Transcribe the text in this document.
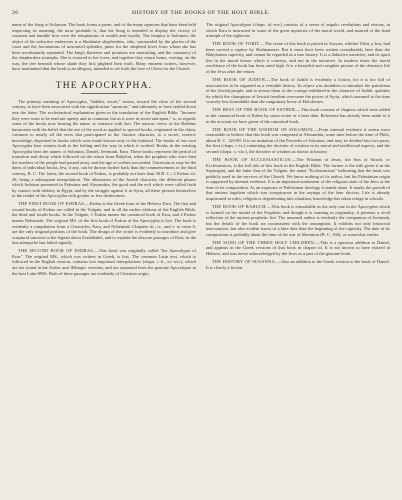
26	HISTORY OF THE BOOKS OF THE HOLY BIBLE.

name of the Song of Solomon. The book forms a poem, and of the many opinions that have been held respecting its meaning, the most probable is, that the Song is intended to display the victory of constant and humble love over the temptations of wealth and royalty. The temptor is Solomon; the object of his seductive endeavors is a Shulamite shepherdess, who, surrounded by the glories of the court and the fascinations of unwonted splendor, pines for the shepherd lover from whom she has been involuntarily separated. The king's flatteries and promises are unavailing, and the constancy of the shepherdess triumphs. She is restored to her lover, and together they return home, visiting, on the way, the tree beneath whose shade they first plighted their truth. Many eminent writers, however, have maintained that the book is an allegory, intended to set forth the love of Christ for the Church.

THE APOCRYPHA.

The primary meaning of Apocrypha, "hidden, secret," seems, toward the close of the second century, to have been associated with the signification "spurious," and ultimately to have settled down into the latter. The ecclesiastical explanation given in the translation of the English Bible, "because they were wont to be read not openly and in common, but as it were in secret and apart," is, as regards some of the books now bearing the name, at variance with fact. The narrow views of the Rabbins harmonize with the belief that the use of the word as applied to special books, originated in the claim, common to nearly all the sects that participated in the Gnostic character, to a secret, esoteric knowledge, deposited in books which were made known only to the initiated. The books of our own Apocrypha bear witness both to the feeling and the way in which it worked. Books in the existing Apocrypha bear the names of Solomon, Daniel, Jeremiah, Ezra. These books represent the period of transition and decay which followed on the return from Babylon, when the prophets who were then the teachers of the people had passed away, and the age of scribes succeeded. Uncertain as may be the dates of individual books, few, if any, can be thrown further back than the commencement of the third century, B. C. The latest, the second book of Esdras, is probably not later than 30 B. C.; 2 Esdras vii. 28, being a subsequent interpolation. The alienations of the Jewish character, the different phases which Judaism presented in Palestine and Alexandria, the good and the evil which were called forth by contact with idolatry in Egypt, and by the struggle against it in Syria, all these present themselves to the reader of the Apocrypha with greater or less distinctness.

THE FIRST BOOK OF ESDRAS.—Esdras is the Greek form of the Hebrew Ezra. The first and second books of Esdras are called in the Vulgate, and in all the earlier editions of the English Bible, the third and fourth books. In the Vulgate, 1 Esdras means the canonical book of Ezra, and 4 Esdras means Nehemiah. The original MS. of the first book of Esdras of the Apocrypha is lost. The book is evidently a compilation from a Chronicles, Ezra, and Nehemiah. Chapters iii., iv., and v. to verse 6, are the only original portions of the book. The design of the writer is evidently to introduce and give scriptural sanction to the legend about Zerubbabel, and to explain the obscure passages of Ezra; in the last attempt he has failed signally.

THE SECOND BOOK OF ESDRAS.—This book was originally called "the Apocalypse of Ezra." The original MS., which was written in Greek, is lost. The common Latin text, which is followed in the English version, contains two important interpolations (chaps. i.-ii., xv.-xvi.), which are not found in the Arabic and Æthiopic versions, and are separated from the genuine Apocalypse in the best Latin MSS. Both of these passages are evidently of Christian origin.

The original Apocalypse (chaps. iii.-xiv.) consists of a series of angelic revelations and visions, in which Ezra is instructed in some of the great mysteries of the moral world, and assured of the final triumph of the righteous.

THE BOOK OF TOBIT.—The scene of this book is placed in Assyria, whither Tobit, a Jew, had been carried a captive by Shalmanezer. But it must have been written considerably later than the Babylonian captivity, and cannot be regarded as a true history. It is a didactive narrative; and its spirit lies in the moral lesson which it conveys, and not in the narrative. In modern times the moral excellence of the book has been rated high. It is a beautiful and complete picture of the domestic life of the Jews after the return.

THE BOOK OF JUDITH.—The book of Judith is evidently a fiction, for it is too full of inaccuracies to be regarded as a veritable history. Its object was doubtless to stimulate the patriotism of the Jewish people, and to arouse them to the courage exhibited in the character of Judith, qualities by which the champions of Jewish freedom overcame the power of Syria, which assumed at the time scarcely less formidable than the sanguinary horse of Holofernes.

THE REST OF THE BOOK OF ESTHER.—This book consists of chapters which were added to the canonical book of Esther by some writer of a later date. Reference has already been made to it in the account we have given of the canonical book.

THE BOOK OF THE WISDOM OF SOLOMON.—From internal evidence it seems most reasonable to believe that this book was composed at Alexandria, some time before the time of Philo, about B. C. 120-80. It is an imitation of the Proverbs of Solomon, and may be divided into two parts, the first (chaps. i.-ix.) containing the doctrine of wisdom in its moral and intellectual aspects; and the second (chaps. x.-xix.), the doctrine of wisdom as shown in history.

THE BOOK OF ECCLESIASTICUS.—The Wisdom of Jesus, the Son of Sirach, or Ecclesiasticus, is the full title of this book in the English Bible. The former is the title given it in the Septuagint, and the latter that of the Vulgate, the name "Ecclesiasticus" indicating that the book was publicly used in the services of the Church. We know nothing of its author, but his Palestinian origin is supported by internal evidence. It is an important monument of the religious state of the Jews at the time of its composition. As an exposure of Palestinian theology it stands alone. It marks the growth of that ancient legalism which was conspicuous in the sayings of the later doctors. Life is already imprisoned in rules; religion is degenerating into ritualism; knowledge has taken refuge in schools.

THE BOOK OF BARUCH.—This book is remarkable as the only one in the Apocrypha which is formed on the model of the Prophets; and though it is wanting in originality, it presents a vivid reflection of the ancient prophetic fire. The assumed author is evidently the companion of Jeremiah, but the details of the book are inconsistent with the assumption. It exhibits not only historical inaccuracies, but also evident traces of a later date than the beginning of the captivity. The date of its composition is probably about the time of the war of liberation (B. C. 160), or somewhat earlier.

THE SONG OF THE THREE HOLY CHILDREN.—This is a spurious addition to Daniel, and appears in the Greek versions of that book in chapter iii. It is not known to have existed in Hebrew, and was never acknowledged by the Jews as a part of the genuine book.

THE HISTORY OF SUSANNA.—Also an addition to the Greek version to the book of Daniel. It is clearly a fiction.
